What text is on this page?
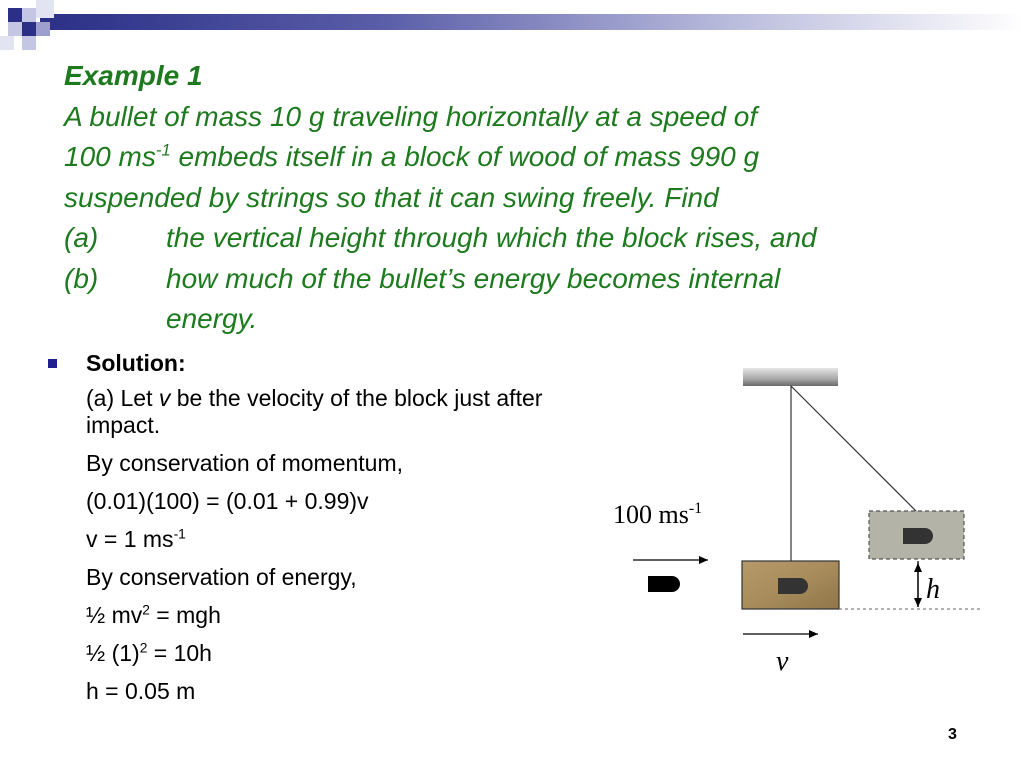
Example 1
A bullet of mass 10 g traveling horizontally at a speed of
100 $ms^{-1}$ embeds itself in a block of wood of mass 990 g
suspended by strings so that it can swing freely. Find
(a)	the vertical height through which the block rises, and
(b)	how much of the bullet’s energy becomes internal
energy.
Solution:
(a) Let v be the velocity of the block just after
impact.
By conservation of momentum,
(0.01)(100) = (0.01 + 0.99)v
v = 1 $ms^{-1}$
By conservation of energy,
½ $mv^2$ = mgh
½ $(1)^2 = 10h$
h = 0.05 m
100 $ms^{-1}$
h
v
3
